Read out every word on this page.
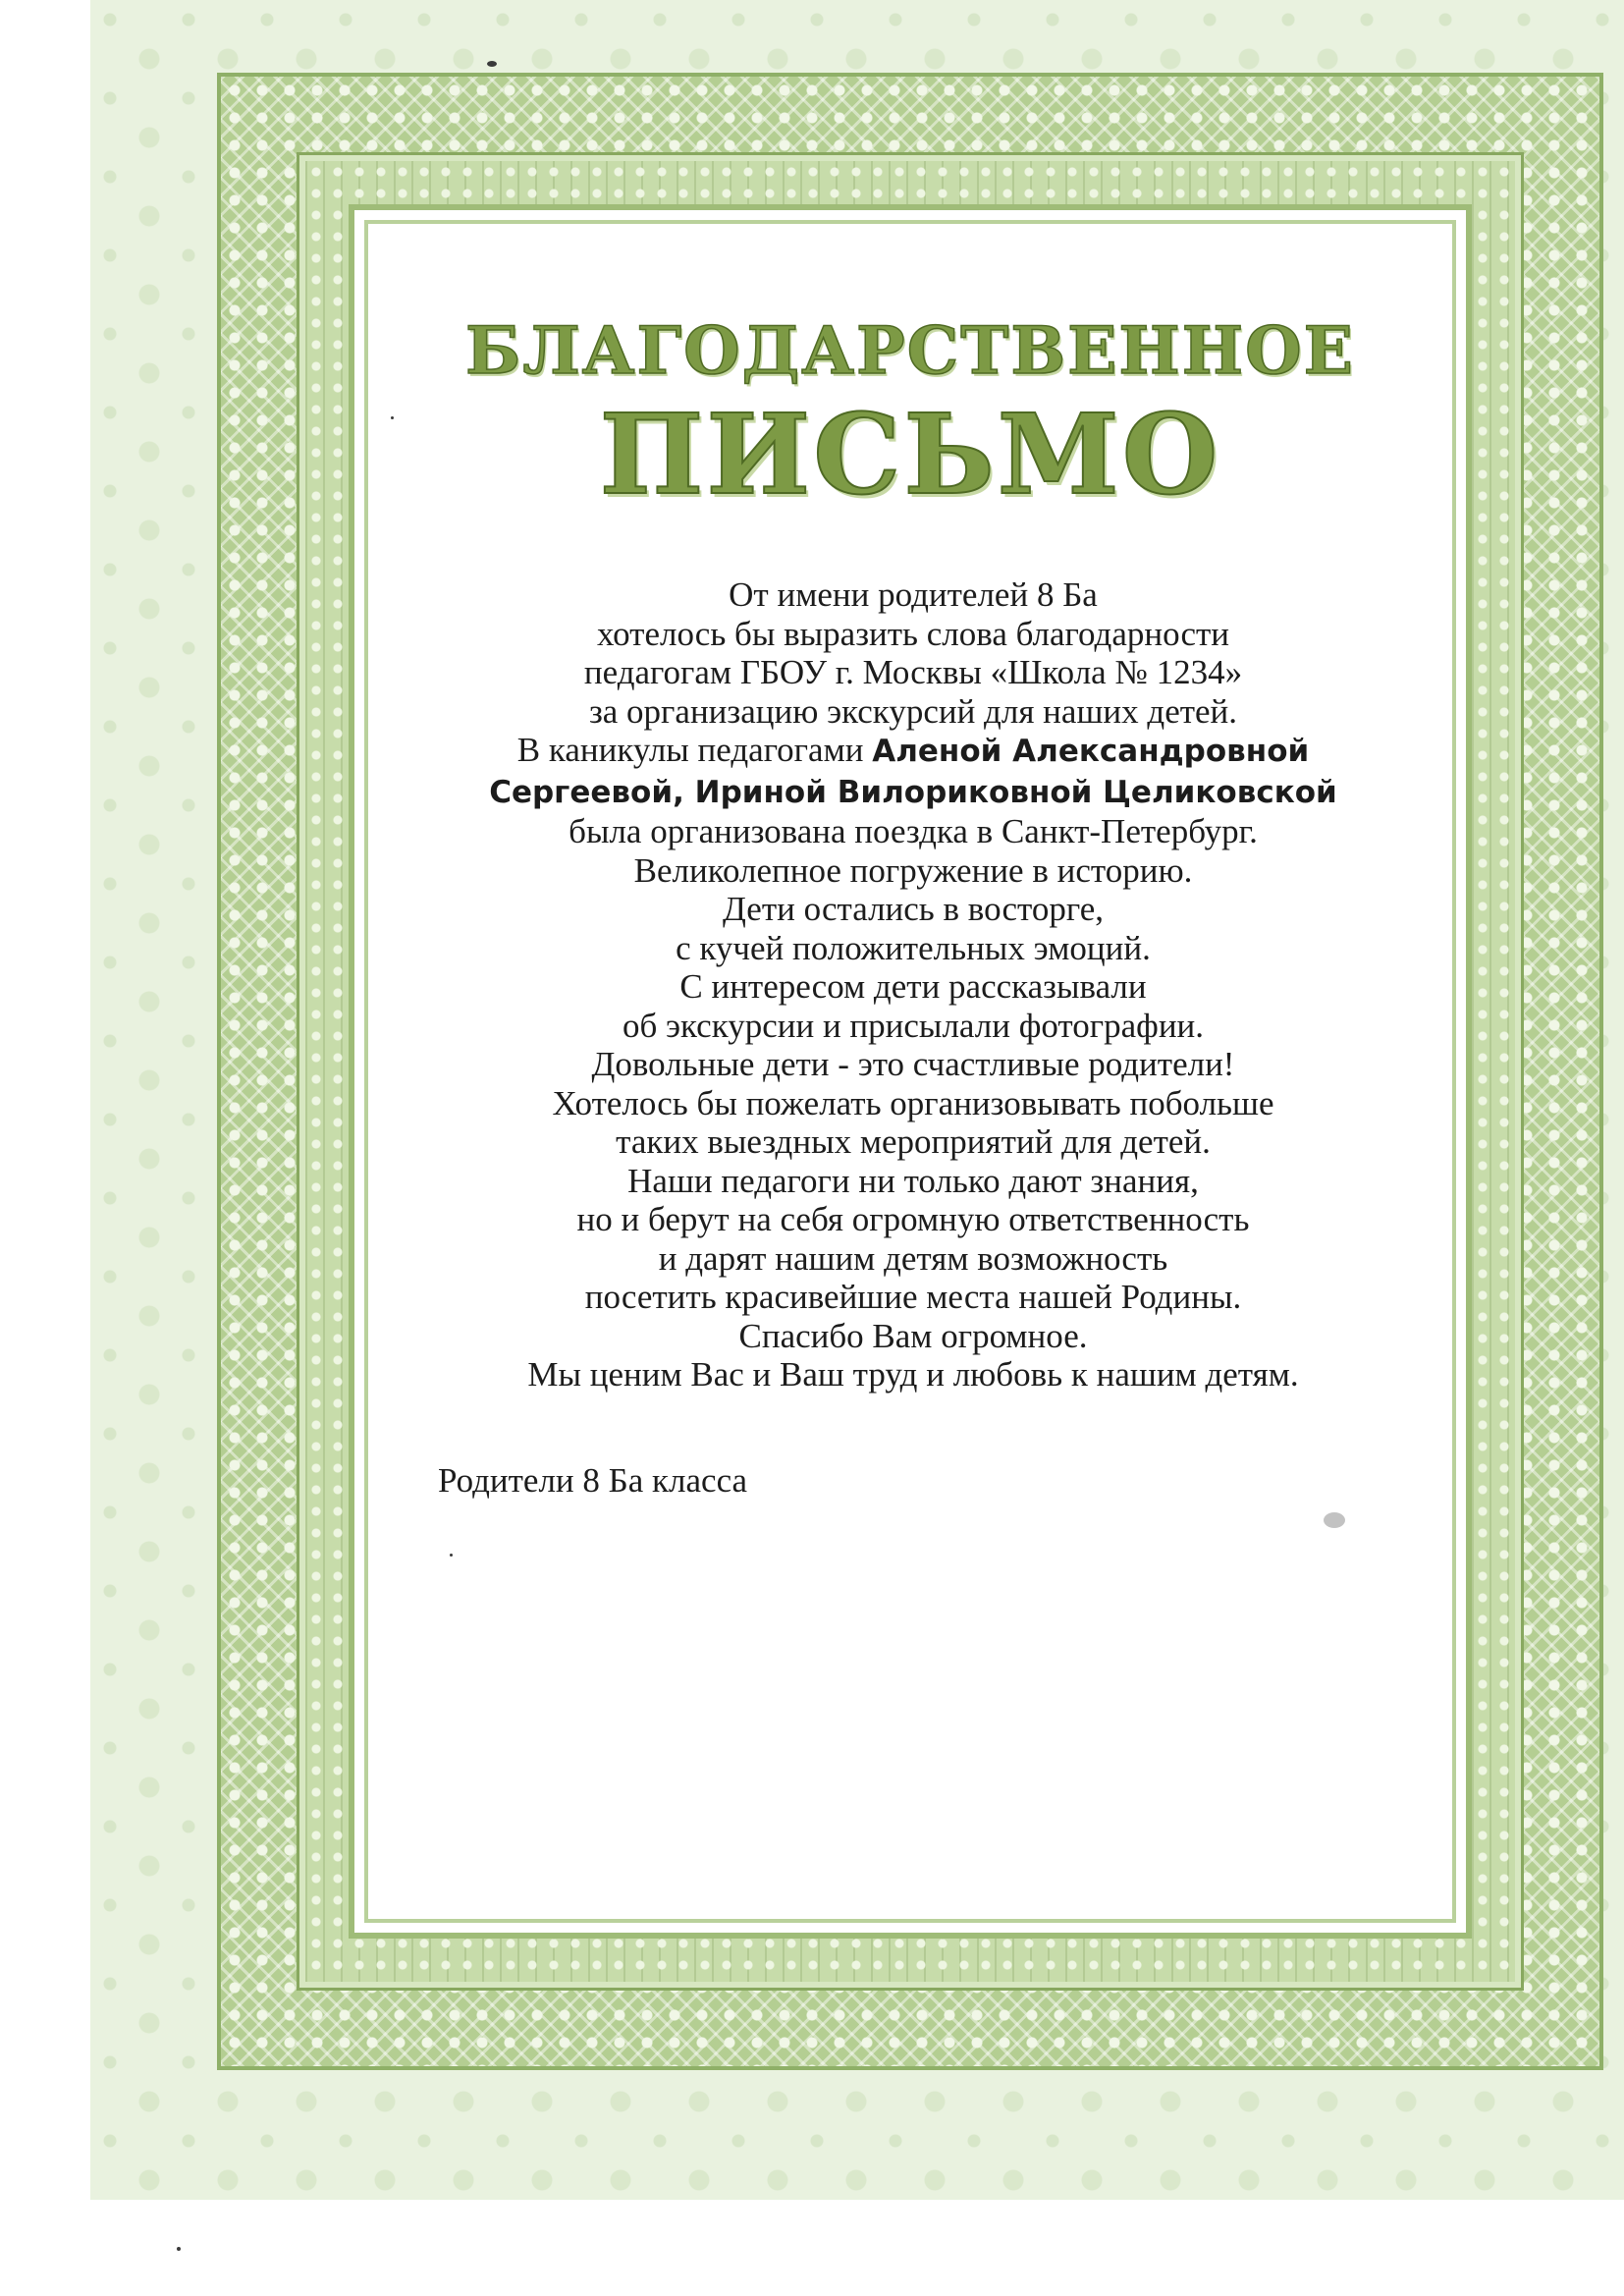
БЛАГОДАРСТВЕННОЕ
ПИСЬМО
От имени родителей 8 Ба
хотелось бы выразить слова благодарности
педагогам ГБОУ г. Москвы «Школа № 1234»
за организацию экскурсий для наших детей.
В каникулы педагогами Аленой Александровной
Сергеевой, Ириной Вилориковной Целиковской
была организована поездка в Санкт-Петербург.
Великолепное погружение в историю.
Дети остались в восторге,
с кучей положительных эмоций.
С интересом дети рассказывали
об экскурсии и присылали фотографии.
Довольные дети - это счастливые родители!
Хотелось бы пожелать организовывать побольше
таких выездных мероприятий для детей.
Наши педагоги ни только дают знания,
но и берут на себя огромную ответственность
и дарят нашим детям возможность
посетить красивейшие места нашей Родины.
Спасибо Вам огромное.
Мы ценим Вас и Ваш труд и любовь к нашим детям.

Родители 8 Ба класса
